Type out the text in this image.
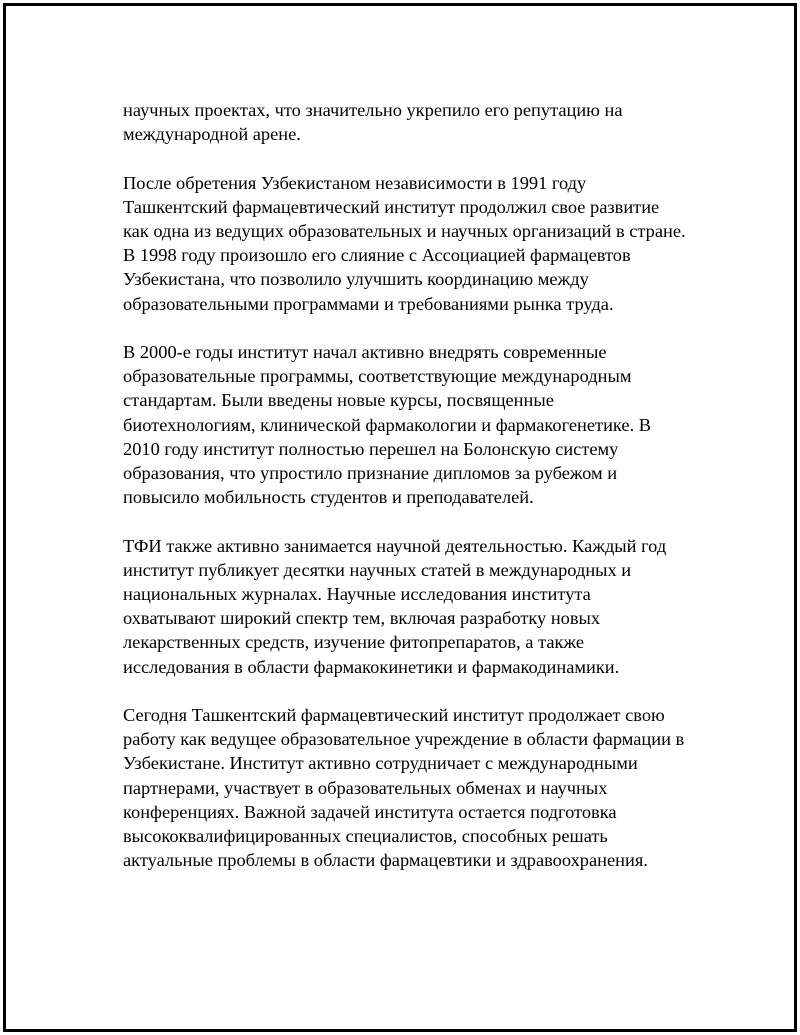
научных проектах, что значительно укрепило его репутацию на
международной арене.

После обретения Узбекистаном независимости в 1991 году
Ташкентский фармацевтический институт продолжил свое развитие
как одна из ведущих образовательных и научных организаций в стране.
В 1998 году произошло его слияние с Ассоциацией фармацевтов
Узбекистана, что позволило улучшить координацию между
образовательными программами и требованиями рынка труда.

В 2000-е годы институт начал активно внедрять современные
образовательные программы, соответствующие международным
стандартам. Были введены новые курсы, посвященные
биотехнологиям, клинической фармакологии и фармакогенетике. В
2010 году институт полностью перешел на Болонскую систему
образования, что упростило признание дипломов за рубежом и
повысило мобильность студентов и преподавателей.

ТФИ также активно занимается научной деятельностью. Каждый год
институт публикует десятки научных статей в международных и
национальных журналах. Научные исследования института
охватывают широкий спектр тем, включая разработку новых
лекарственных средств, изучение фитопрепаратов, а также
исследования в области фармакокинетики и фармакодинамики.

Сегодня Ташкентский фармацевтический институт продолжает свою
работу как ведущее образовательное учреждение в области фармации в
Узбекистане. Институт активно сотрудничает с международными
партнерами, участвует в образовательных обменах и научных
конференциях. Важной задачей института остается подготовка
высококвалифицированных специалистов, способных решать
актуальные проблемы в области фармацевтики и здравоохранения.
